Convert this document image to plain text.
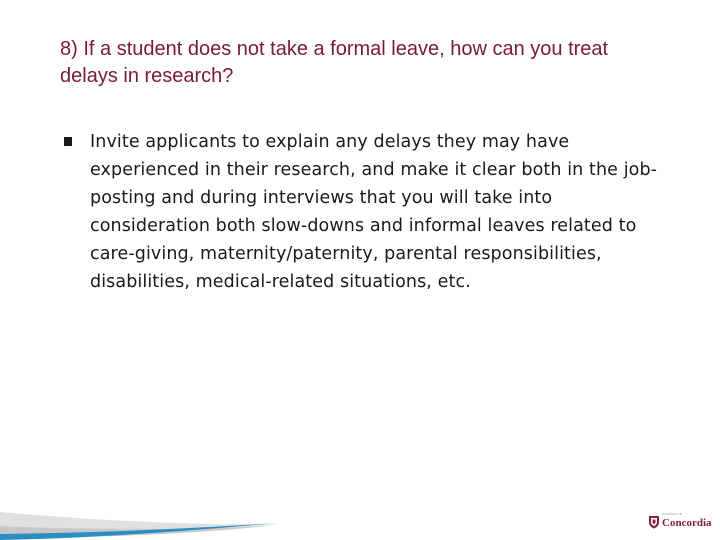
8) If a student does not take a formal leave, how can you treat delays in research?
Invite applicants to explain any delays they may have experienced in their research, and make it clear both in the job-posting and during interviews that you will take into consideration both slow-downs and informal leaves related to care-giving, maternity/paternity, parental responsibilities, disabilities, medical-related situations, etc.
UNIVERSITÉ
Concordia
